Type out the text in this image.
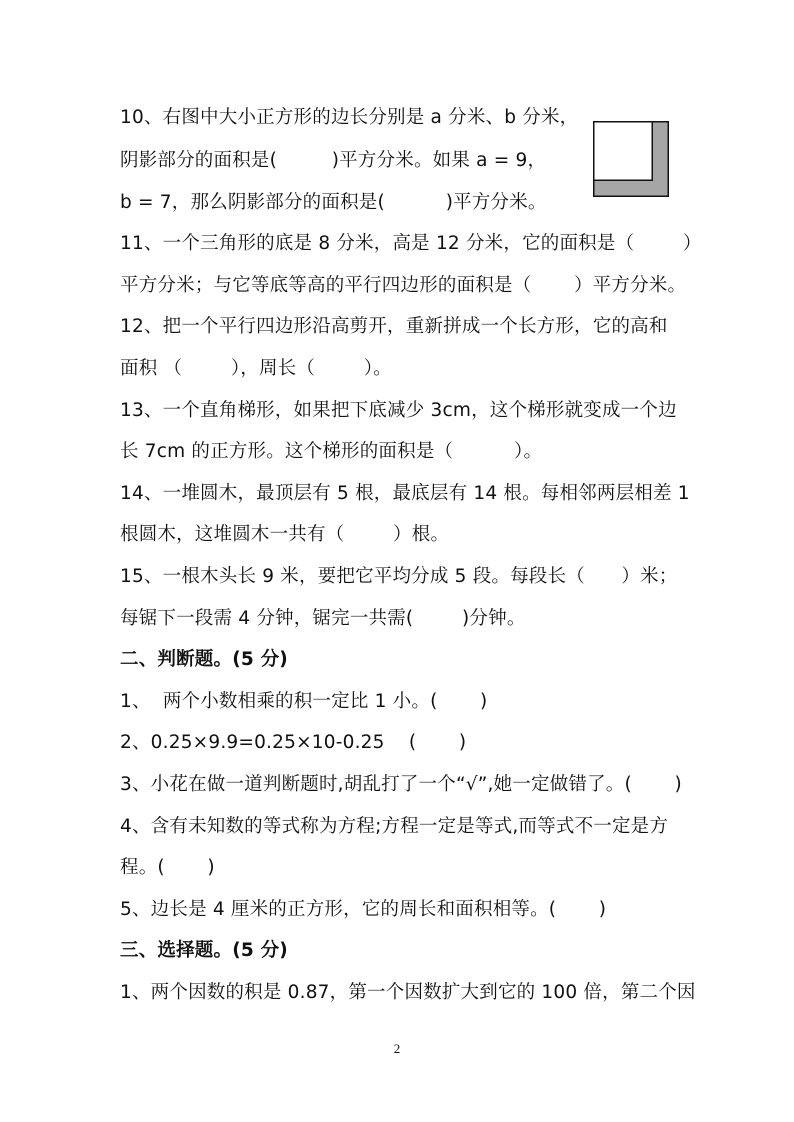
10、右图中大小正方形的边长分别是 a 分米、b 分米，
阴影部分的面积是(         )平方分米。如果 a = 9，
b = 7，那么阴影部分的面积是(          )平方分米。
11、一个三角形的底是 8 分米，高是 12 分米，它的面积是（        ）
平方分米；与它等底等高的平行四边形的面积是（       ）平方分米。
12、把一个平行四边形沿高剪开，重新拼成一个长方形，它的高和
面积 （        ），周长（        ）。
13、一个直角梯形，如果把下底减少 3cm，这个梯形就变成一个边
长 7cm 的正方形。这个梯形的面积是（          ）。
14、一堆圆木，最顶层有 5 根，最底层有 14 根。每相邻两层相差 1
根圆木，这堆圆木一共有（        ）根。
15、一根木头长 9 米，要把它平均分成 5 段。每段长（      ）米；
每锯下一段需 4 分钟，锯完一共需(        )分钟。
二、判断题。(5 分)
1、  两个小数相乘的积一定比 1 小。(       )
2、0.25×9.9=0.25×10-0.25    (       )
3、小花在做一道判断题时,胡乱打了一个“√”,她一定做错了。(       )
4、含有未知数的等式称为方程;方程一定是等式,而等式不一定是方
程。(       )
5、边长是 4 厘米的正方形，它的周长和面积相等。(       )
三、选择题。(5 分)
1、两个因数的积是 0.87，第一个因数扩大到它的 100 倍，第二个因
2
